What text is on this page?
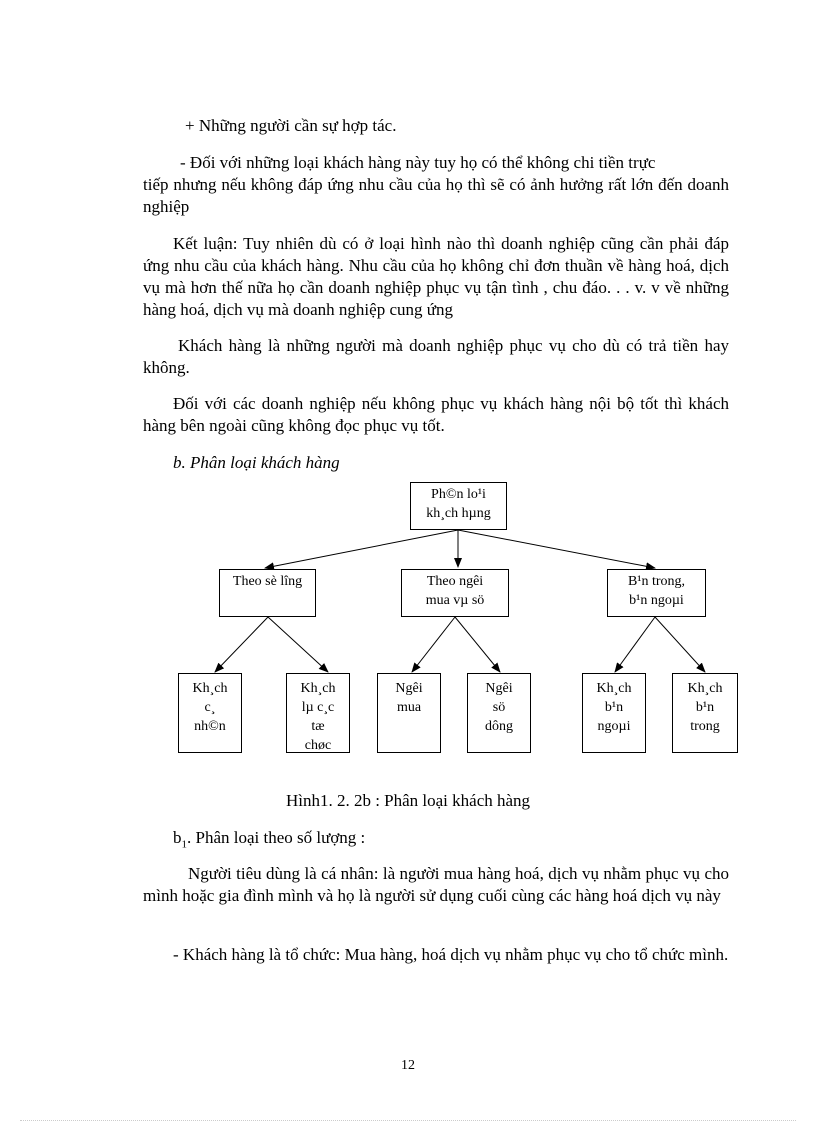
+ Những người cần sự hợp tác.

- Đối với những loại khách hàng này tuy họ có thể không chi tiền trực

tiếp nhưng nếu không đáp ứng nhu cầu của họ thì sẽ có ảnh hưởng rất lớn đến doanh nghiệp

Kết luận: Tuy nhiên dù có ở loại hình nào thì doanh nghiệp cũng cần phải đáp ứng nhu cầu của khách hàng. Nhu cầu của họ không chỉ đơn thuần về hàng hoá, dịch vụ mà hơn thế nữa họ cần doanh nghiệp phục vụ tận tình , chu đáo. . . v. v về những hàng hoá, dịch vụ mà doanh nghiệp cung ứng

Khách hàng là những người mà doanh nghiệp phục vụ cho dù có trả tiền hay không.

Đối với các doanh nghiệp nếu không phục vụ khách hàng nội bộ tốt thì khách hàng bên ngoài cũng không đọc phục vụ tốt.

b. Phân loại khách hàng

Ph©n lo¹i
kh¸ch hµng
Theo sè lîng	Theo ngêi
mua vµ sö
B¹n trong,
b¹n ngoµi
Kh¸ch
c¸
nh©n
Kh¸ch
lµ c¸c
tæ
chøc
Ngêi
mua
Ngêi
sö
dông
Kh¸ch
b¹n
ngoµi
Kh¸ch
b¹n
trong

Hình1. 2. 2b : Phân loại khách hàng

$b_1$. Phân loại theo số lượng :

Người tiêu dùng là cá nhân: là người mua hàng hoá, dịch vụ nhằm phục vụ cho mình hoặc gia đình mình và họ là người sử dụng cuối cùng các hàng hoá dịch vụ này

- Khách hàng là tổ chức: Mua hàng, hoá dịch vụ nhằm phục vụ cho tổ chức mình.

12
